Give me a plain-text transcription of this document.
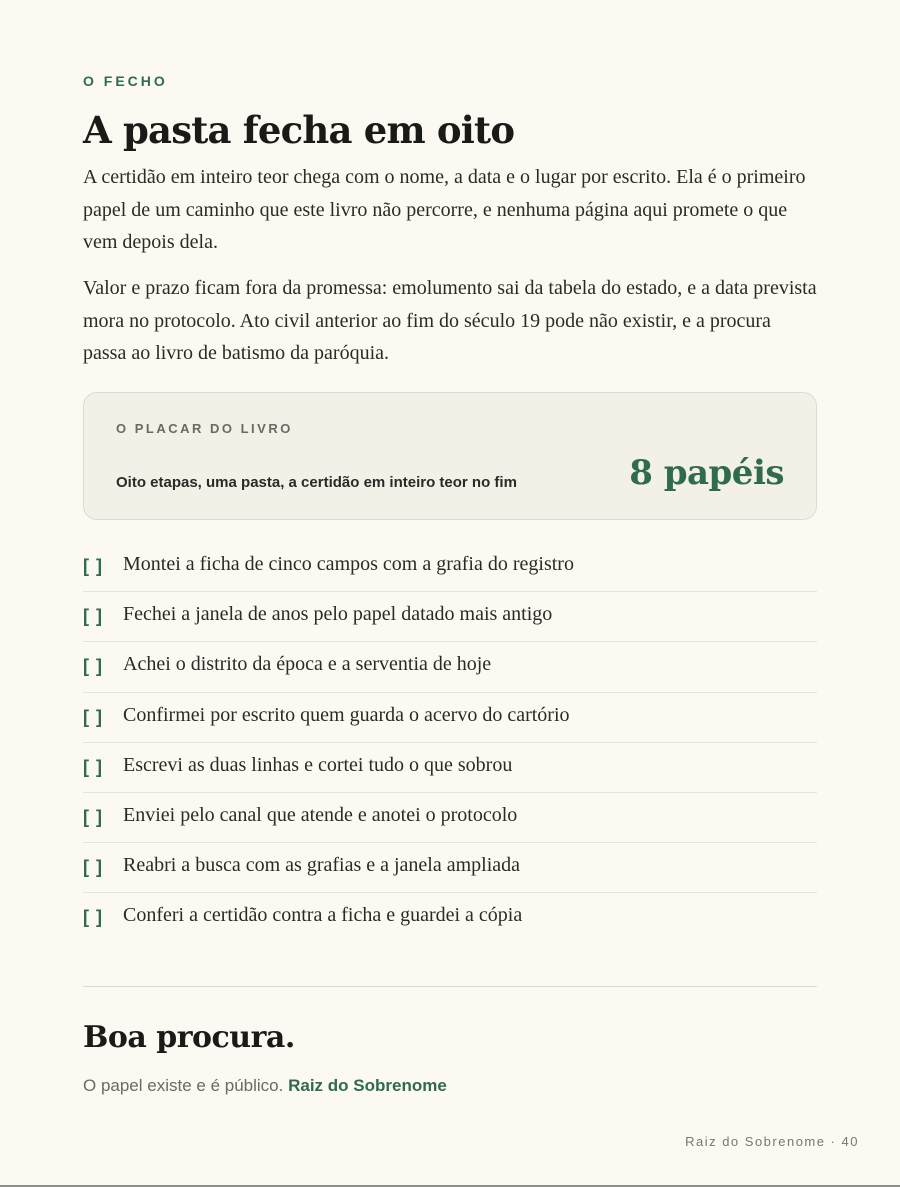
O FECHO
A pasta fecha em oito

A certidão em inteiro teor chega com o nome, a data e o lugar por escrito. Ela é o primeiro papel de um caminho que este livro não percorre, e nenhuma página aqui promete o que vem depois dela.

Valor e prazo ficam fora da promessa: emolumento sai da tabela do estado, e a data prevista mora no protocolo. Ato civil anterior ao fim do século 19 pode não existir, e a procura passa ao livro de batismo da paróquia.

O PLACAR DO LIVRO
Oito etapas, uma pasta, a certidão em inteiro teor no fim	8 papéis
[ ] Montei a ficha de cinco campos com a grafia do registro
[ ] Fechei a janela de anos pelo papel datado mais antigo
[ ] Achei o distrito da época e a serventia de hoje
[ ] Confirmei por escrito quem guarda o acervo do cartório
[ ] Escrevi as duas linhas e cortei tudo o que sobrou
[ ] Enviei pelo canal que atende e anotei o protocolo
[ ] Reabri a busca com as grafias e a janela ampliada
[ ] Conferi a certidão contra a ficha e guardei a cópia
Boa procura.
O papel existe e é público. Raiz do Sobrenome
Raiz do Sobrenome · 40
